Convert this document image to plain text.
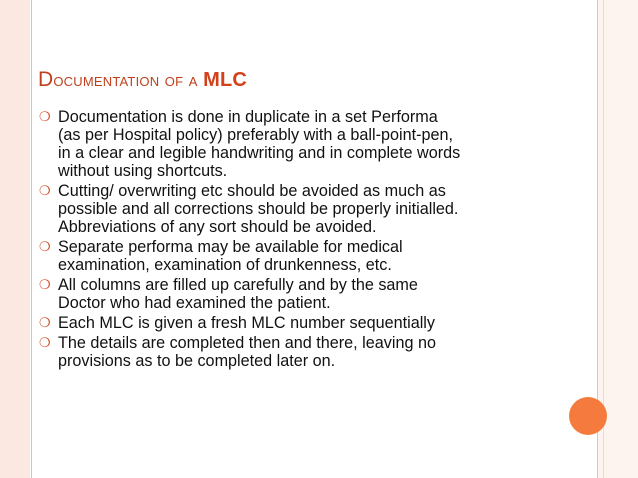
Documentation of a MLC
❍ Documentation is done in duplicate in a set Performa
(as per Hospital policy) preferably with a ball-point-pen,
in a clear and legible handwriting and in complete words
without using shortcuts.
❍ Cutting/ overwriting etc should be avoided as much as
possible and all corrections should be properly initialled.
Abbreviations of any sort should be avoided.
❍ Separate performa may be available for medical
examination, examination of drunkenness, etc.
❍ All columns are filled up carefully and by the same
Doctor who had examined the patient.
❍ Each MLC is given a fresh MLC number sequentially
❍ The details are completed then and there, leaving no
provisions as to be completed later on.
